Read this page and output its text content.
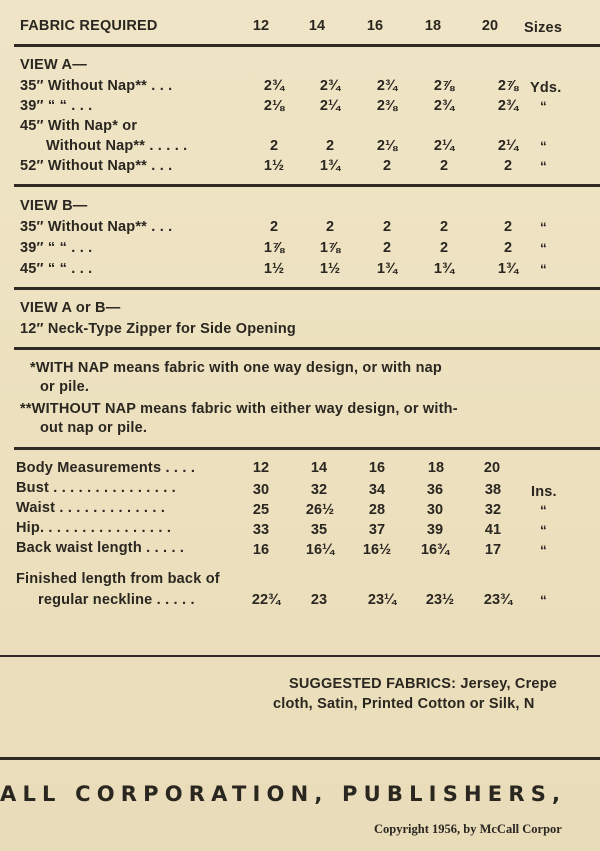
FABRIC REQUIRED	12	14	16	18	20	Sizes
VIEW A—
35″ Without Nap** . . .	2¾	2¾	2¾	2⅞	2⅞ Yds.
39″ “ “ . . .	2⅛	2¼	2⅜	2¾	2¾	“
45″ With Nap* or
Without Nap** . . . . .	2	2	2⅛	2¼	2¼	“
52″ Without Nap** . . .	1½	1¾	2	2	2	“
VIEW B—
35″ Without Nap** . . .	2	2	2	2	2	“
39″ “ “ . . .	1⅞	1⅞	2	2	2	“
45″ “ “ . . .	1½	1½	1¾	1¾	1¾	“
VIEW A or B—
12″ Neck-Type Zipper for Side Opening
*WITH NAP means fabric with one way design, or with nap
or pile.
**WITHOUT NAP means fabric with either way design, or with-
out nap or pile.
Body Measurements . . . .	12	14	16	18	20
Bust . . . . . . . . . . . . . . .	30	32	34	36	38	Ins.
Waist . . . . . . . . . . . . .	25	26½	28	30	32	“
Hip. . . . . . . . . . . . . . . .	33	35	37	39	41	“
Back waist length . . . . .	16	16¼	16½	16¾	17	“
Finished length from back of
regular neckline . . . . .	22¾	23	23¼	23½	23¾	“
SUGGESTED FABRICS: Jersey, Crepe
cloth, Satin, Printed Cotton or Silk, N
ALL CORPORATION, PUBLISHERS,
Copyright 1956, by McCall Corpor
